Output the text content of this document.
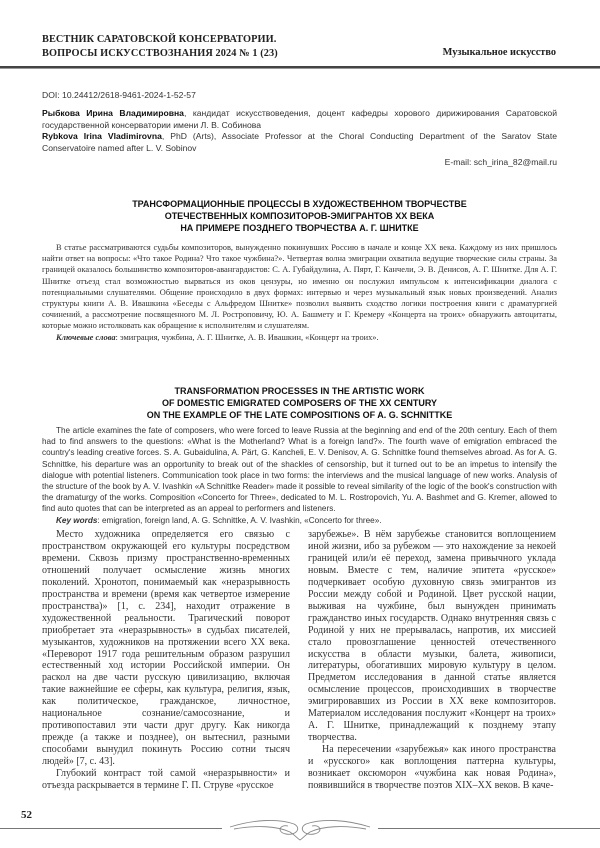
ВЕСТНИК САРАТОВСКОЙ КОНСЕРВАТОРИИ.
ВОПРОСЫ ИСКУССТВОЗНАНИЯ 2024 № 1 (23)	Музыкальное искусство
DOI: 10.24412/2618-9461-2024-1-52-57
Рыбкова Ирина Владимировна, кандидат искусствоведения, доцент кафедры хорового дирижирования Саратовской государственной консерватории имени Л. В. Собинова
Rybkova Irina Vladimirovna, PhD (Arts), Associate Professor at the Choral Conducting Department of the Saratov State Conservatoire named after L. V. Sobinov
E-mail: sch_irina_82@mail.ru
ТРАНСФОРМАЦИОННЫЕ ПРОЦЕССЫ В ХУДОЖЕСТВЕННОМ ТВОРЧЕСТВЕ
ОТЕЧЕСТВЕННЫХ КОМПОЗИТОРОВ-ЭМИГРАНТОВ XX ВЕКА
НА ПРИМЕРЕ ПОЗДНЕГО ТВОРЧЕСТВА А. Г. ШНИТКЕ

В статье рассматриваются судьбы композиторов, вынужденно покинувших Россию в начале и конце XX века. Каждому из них пришлось найти ответ на вопросы: «Что такое Родина? Что такое чужбина?». Четвертая волна эмиграции охватила ведущие творческие силы страны. За границей оказалось большинство композиторов-авангардистов: С. А. Губайдулина, А. Пярт, Г. Канчели, Э. В. Денисов, А. Г. Шнитке. Для А. Г. Шнитке отъезд стал возможностью вырваться из оков цензуры, но именно он послужил импульсом к интенсификации диалога с потенциальными слушателями. Общение происходило в двух формах: интервью и через музыкальный язык новых произведений. Анализ структуры книги А. В. Ивашкина «Беседы с Альфредом Шнитке» позволил выявить сходство логики построения книги с драматургией сочинений, а рассмотрение посвященного М. Л. Ростроповичу, Ю. А. Башмету и Г. Кремеру «Концерта на троих» обнаружить автоцитаты, которые можно истолковать как обращение к исполнителям и слушателям.

Ключевые слова: эмиграция, чужбина, А. Г. Шнитке, А. В. Ивашкин, «Концерт на троих».

TRANSFORMATION PROCESSES IN THE ARTISTIC WORK
OF DOMESTIC EMIGRATED COMPOSERS OF THE XX CENTURY
ON THE EXAMPLE OF THE LATE COMPOSITIONS OF A. G. SCHNITTKE

The article examines the fate of composers, who were forced to leave Russia at the beginning and end of the 20th century. Each of them had to find answers to the questions: «What is the Motherland? What is a foreign land?». The fourth wave of emigration embraced the country's leading creative forces. S. A. Gubaidulina, A. Pärt, G. Kancheli, E. V. Denisov, A. G. Schnittke found themselves abroad. As for A. G. Schnittke, his departure was an opportunity to break out of the shackles of censorship, but it turned out to be an impetus to intensify the dialogue with potential listeners. Communication took place in two forms: the interviews and the musical language of new works. Analysis of the structure of the book by A. V. Ivashkin «A Schnittke Reader» made it possible to reveal similarity of the logic of the book's construction with the dramaturgy of the works. Composition «Concerto for Three», dedicated to M. L. Rostropovich, Yu. A. Bashmet and G. Kremer, allowed to find auto quotes that can be interpreted as an appeal to performers and listeners.

Key words: emigration, foreign land, A. G. Schnittke, A. V. Ivashkin, «Concerto for three».

Место художника определяется его связью с пространством окружающей его культуры посредством времени. Сквозь призму пространственно-временных отношений получает осмысление жизнь многих поколений. Хронотоп, понимаемый как «неразрывность пространства и времени (время как четвертое измерение пространства)» [1, с. 234], находит отражение в художественной реальности. Трагический поворот приобретает эта «неразрывность» в судьбах писателей, музыкантов, художников на протяжении всего XX века. «Переворот 1917 года решительным образом разрушил естественный ход истории Российской империи. Он раскол на две части русскую цивилизацию, включая такие важнейшие ее сферы, как культура, религия, язык, как политическое, гражданское, личностное, национальное сознание/самосознание, и противопоставил эти части друг другу. Как никогда прежде (а также и позднее), он вытеснил, разными способами вынудил покинуть Россию сотни тысяч людей» [7, с. 43].

Глубокий контраст той самой «неразрывности» и отъезда раскрывается в термине Г. П. Струве «русское

зарубежье». В нём зарубежье становится воплощением иной жизни, ибо за рубежом — это нахождение за некоей границей или/и её переход, замена привычного уклада новым. Вместе с тем, наличие эпитета «русское» подчеркивает особую духовную связь эмигрантов из России между собой и Родиной. Цвет русской нации, выживая на чужбине, был вынужден принимать гражданство иных государств. Однако внутренняя связь с Родиной у них не прерывалась, напротив, их миссией стало провозглашение ценностей отечественного искусства в области музыки, балета, живописи, литературы, обогативших мировую культуру в целом. Предметом исследования в данной статье является осмысление процессов, происходивших в творчестве эмигрировавших из России в XX веке композиторов. Материалом исследования послужит «Концерт на троих» А. Г. Шнитке, принадлежащий к позднему этапу творчества.

На пересечении «зарубежья» как иного пространства и «русского» как воплощения паттерна культуры, возникает оксюморон «чужбина как новая Родина», появившийся в творчестве поэтов XIX–XX веков. В каче-

52
